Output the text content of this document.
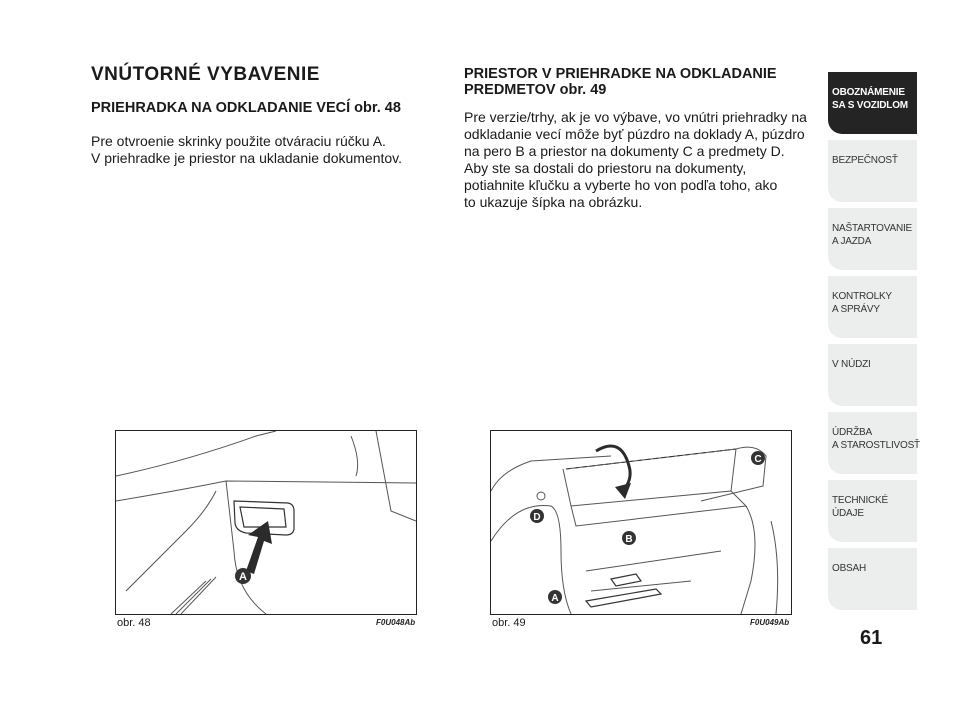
VNÚTORNÉ VYBAVENIE
PRIEHRADKA NA ODKLADANIE VECÍ obr. 48

Pre otvroenie skrinky použite otváraciu rúčku A.
V priehradke je priestor na ukladanie dokumentov.

PRIESTOR V PRIEHRADKE NA ODKLADANIE PREDMETOV obr. 49

Pre verzie/trhy, ak je vo výbave, vo vnútri priehradky na
odkladanie vecí môže byť púzdro na doklady A, púzdro
na pero B a priestor na dokumenty C a predmety D.
Aby ste sa dostali do priestoru na dokumenty,
potiahnite kľučku a vyberte ho von podľa toho, ako
to ukazuje šípka na obrázku.

A
obr. 48	F0U048Ab
C
D
B
A
obr. 49	F0U049Ab
OBOZNÁMENIE
SA S VOZIDLOM
BEZPEČNOSŤ
NAŠTARTOVANIE
A JAZDA
KONTROLKY
A SPRÁVY
V NÚDZI
ÚDRŽBA
A STAROSTLIVOSŤ
TECHNICKÉ
ÚDAJE
OBSAH
61
